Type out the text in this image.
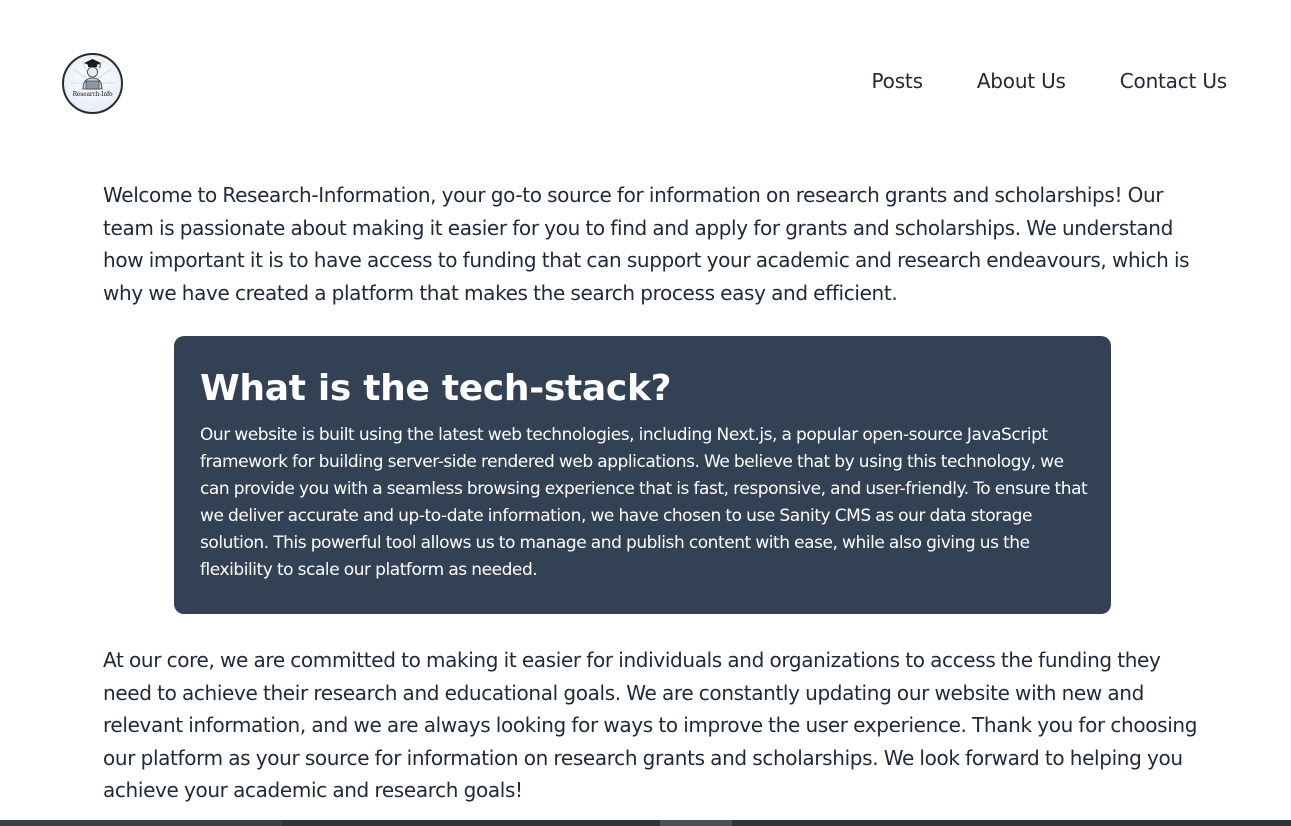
Research-Info
Posts	About Us	Contact Us

Welcome to Research-Information, your go-to source for information on research grants and scholarships! Our team is passionate about making it easier for you to find and apply for grants and scholarships. We understand how important it is to have access to funding that can support your academic and research endeavours, which is why we have created a platform that makes the search process easy and efficient.

What is the tech-stack?

Our website is built using the latest web technologies, including Next.js, a popular open-source JavaScript framework for building server-side rendered web applications. We believe that by using this technology, we can provide you with a seamless browsing experience that is fast, responsive, and user-friendly. To ensure that we deliver accurate and up-to-date information, we have chosen to use Sanity CMS as our data storage solution. This powerful tool allows us to manage and publish content with ease, while also giving us the flexibility to scale our platform as needed.

At our core, we are committed to making it easier for individuals and organizations to access the funding they need to achieve their research and educational goals. We are constantly updating our website with new and relevant information, and we are always looking for ways to improve the user experience. Thank you for choosing our platform as your source for information on research grants and scholarships. We look forward to helping you achieve your academic and research goals!
